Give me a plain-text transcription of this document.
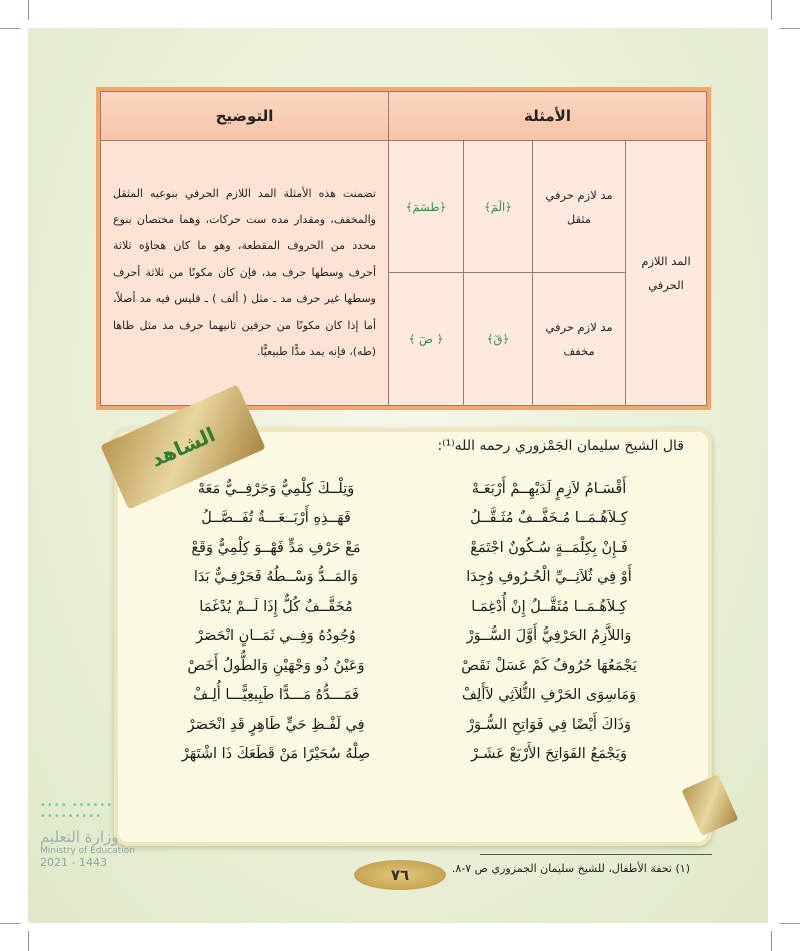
الأمثلة				التوضيح
المد اللازم الحرفي	مد لازم حرفي مثقل	﴿الٓمٓ﴾	﴿طسٓمٓ﴾	تضمنت هذه الأمثلة المد اللازم الحرفي بنوعيه المثقل والمخفف، ومقدار مده ست حركات، وهما مختصان بنوع محدد من الحروف المقطعة، وهو ما كان هجاؤه ثلاثة أحرف وسطها حرف مد، فإن كان مكونًا من ثلاثة أحرف وسطها غير حرف مد ـ مثل ( ألف ) ـ فليس فيه مد أصلاً، أما إذا كان مكونًا من حرفين ثانيهما حرف مد مثل طاها (طه)، فإنه يمد مدًّا طبيعيًّا.
	مد لازم حرفي مخفف	﴿قٓ﴾	﴿ صٓ ﴾	
الشاهد	قال الشيخ سليمان الجَمْزوري رحمه الله⁽¹⁾:
أَقْسَـامُ لاَزِمٍ لَدَيْهِــمْ أَرْبَعَـهْ
وَتِلْــكَ كِلْمِيٌّ وَحَرْفِــيٌّ مَعَهْ
كِـلاَهُـمَــا مُـخَفَّــفٌ مُثَـقَّــلُ
فَهَــذِهِ أَرْبَــعَـــةٌ تُفَــصَّــلُ
فَـإِنْ بِكِلْمَــةٍ سُـكُونٌ اجْتَمَعْ
مَعْ حَرْفِ مَدٍّ فَهْــوَ كِلْمِيٌّ وَقَعْ
أَوْ فِي ثُلاَثِــيِّ الْحُـرُوفِ وُجِدَا
وَالمَــدُّ وَسْــطُهُ فَحَرْفِـيٌّ بَدَا
كِـلاَهُـمَــا مُثَقَّــلٌ إِنْ أُدْغِمَـا
مُخَفَّــفٌ كُلٌّ إِذَا لَــمْ يُدْغَمَا
وَاللاَّزِمُ الحَرْفِيُّ أَوَّلَ السُّــوَرْ
وُجُودُهُ وَفِــي ثَمَــانٍ انْحَصَرْ
يَجْمَعُهَا حُرُوفُ كَمْ عَسَلْ نَقَصْ
وَعَيْنُ ذُو وَجْهَيْنِ وَالطُّولُ أَخَصْ
وَمَاسِوَى الحَرْفِ الثُّلاَثِي لاَأَلِفْ
فَمَـــدُّهُ مَـــدًّا طَبِيعِيًّـــا أُلِـفْ
وَذَاكَ أَيْضًا فِي فَوَاتِحِ السُّـوَرْ
فِي لَفْـظِ حَيٍّ طَاهِرٍ قَدِ انْحَصَرْ
وَيَجْمَعُ الفَوَاتِحَ الأَرْبَعْ عَشَـرْ
صِلْهُ سُحَيْرًا مَنْ قَطَعَكَ ذَا اشْتَهَرْ
(١) تحفة الأطفال، للشيخ سليمان الجمزوري ص ٧-٨.
٧٦
•••• ••••••
•••••••••
وزارة التعليم
Ministry of Education
2021 - 1443
